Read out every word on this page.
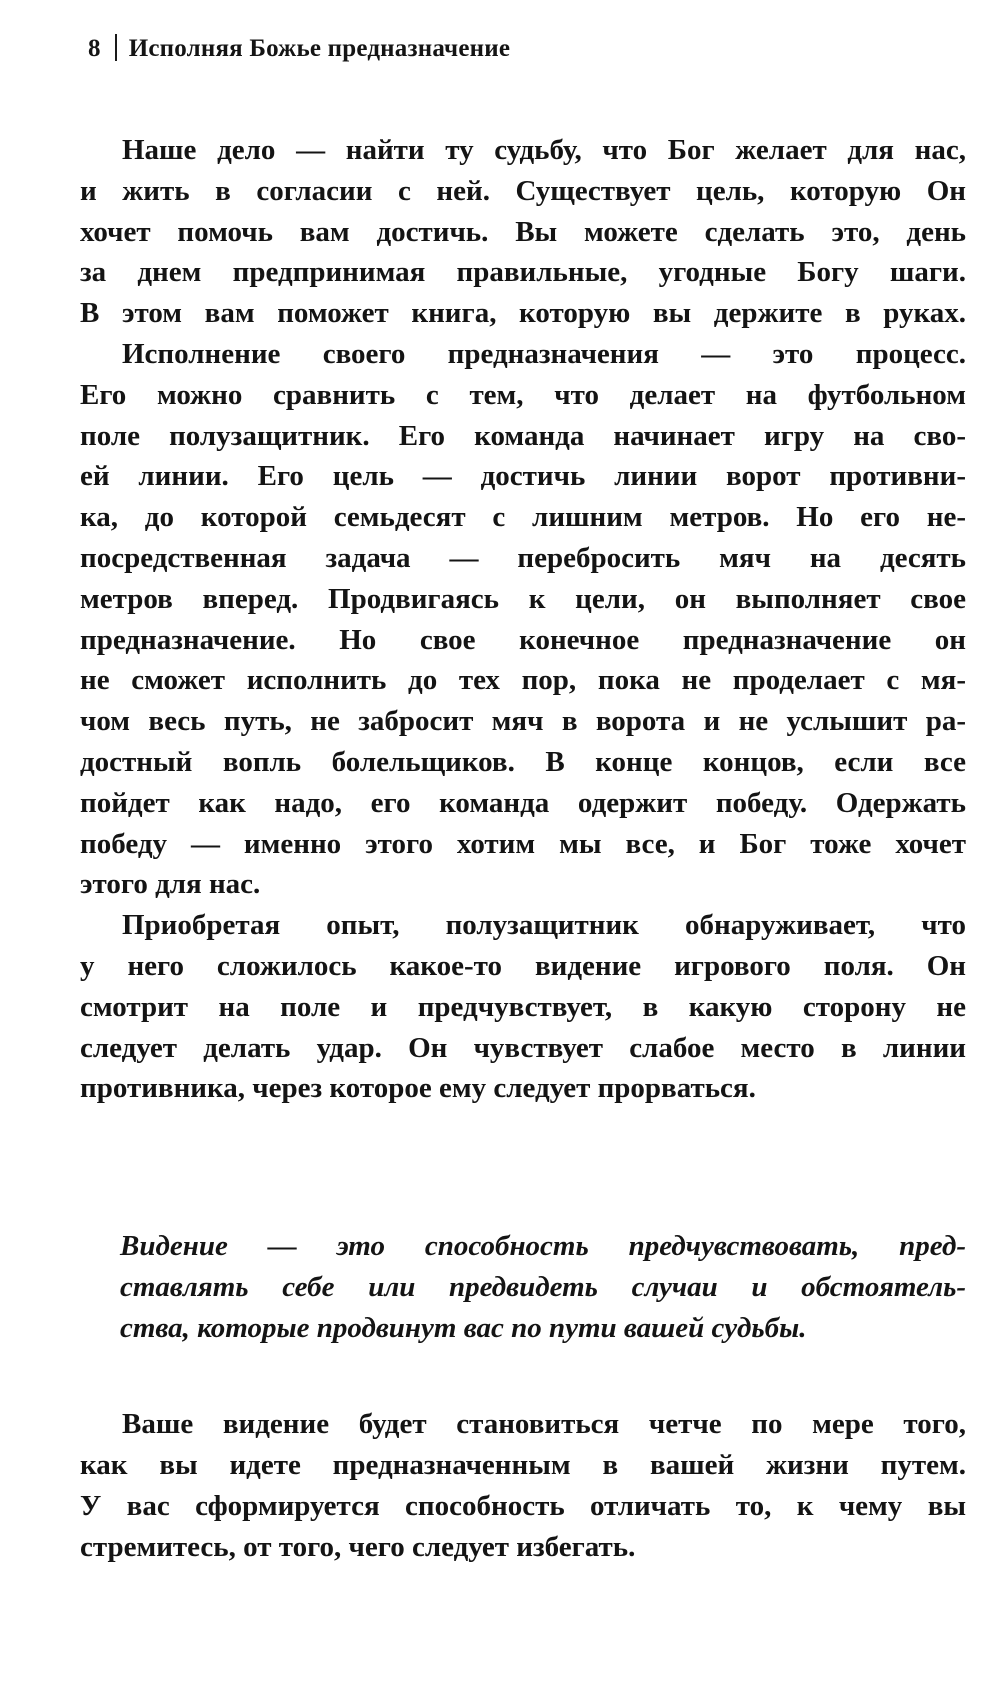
8 Исполняя Божье предназначение
Наше дело — найти ту судьбу, что Бог желает для нас,
и жить в согласии с ней. Существует цель, которую Он
хочет помочь вам достичь. Вы можете сделать это, день
за днем предпринимая правильные, угодные Богу шаги.
В этом вам поможет книга, которую вы держите в руках.
Исполнение своего предназначения — это процесс.
Его можно сравнить с тем, что делает на футбольном
поле полузащитник. Его команда начинает игру на сво-
ей линии. Его цель — достичь линии ворот противни-
ка, до которой семьдесят с лишним метров. Но его не-
посредственная задача — перебросить мяч на десять
метров вперед. Продвигаясь к цели, он выполняет свое
предназначение. Но свое конечное предназначение он
не сможет исполнить до тех пор, пока не проделает с мя-
чом весь путь, не забросит мяч в ворота и не услышит ра-
достный вопль болельщиков. В конце концов, если все
пойдет как надо, его команда одержит победу. Одержать
победу — именно этого хотим мы все, и Бог тоже хочет
этого для нас.
Приобретая опыт, полузащитник обнаруживает, что
у него сложилось какое-то видение игрового поля. Он
смотрит на поле и предчувствует, в какую сторону не
следует делать удар. Он чувствует слабое место в линии
противника, через которое ему следует прорваться.
Видение — это способность предчувствовать, пред-
ставлять себе или предвидеть случаи и обстоятель-
ства, которые продвинут вас по пути вашей судьбы.
Ваше видение будет становиться четче по мере того,
как вы идете предназначенным в вашей жизни путем.
У вас сформируется способность отличать то, к чему вы
стремитесь, от того, чего следует избегать.
